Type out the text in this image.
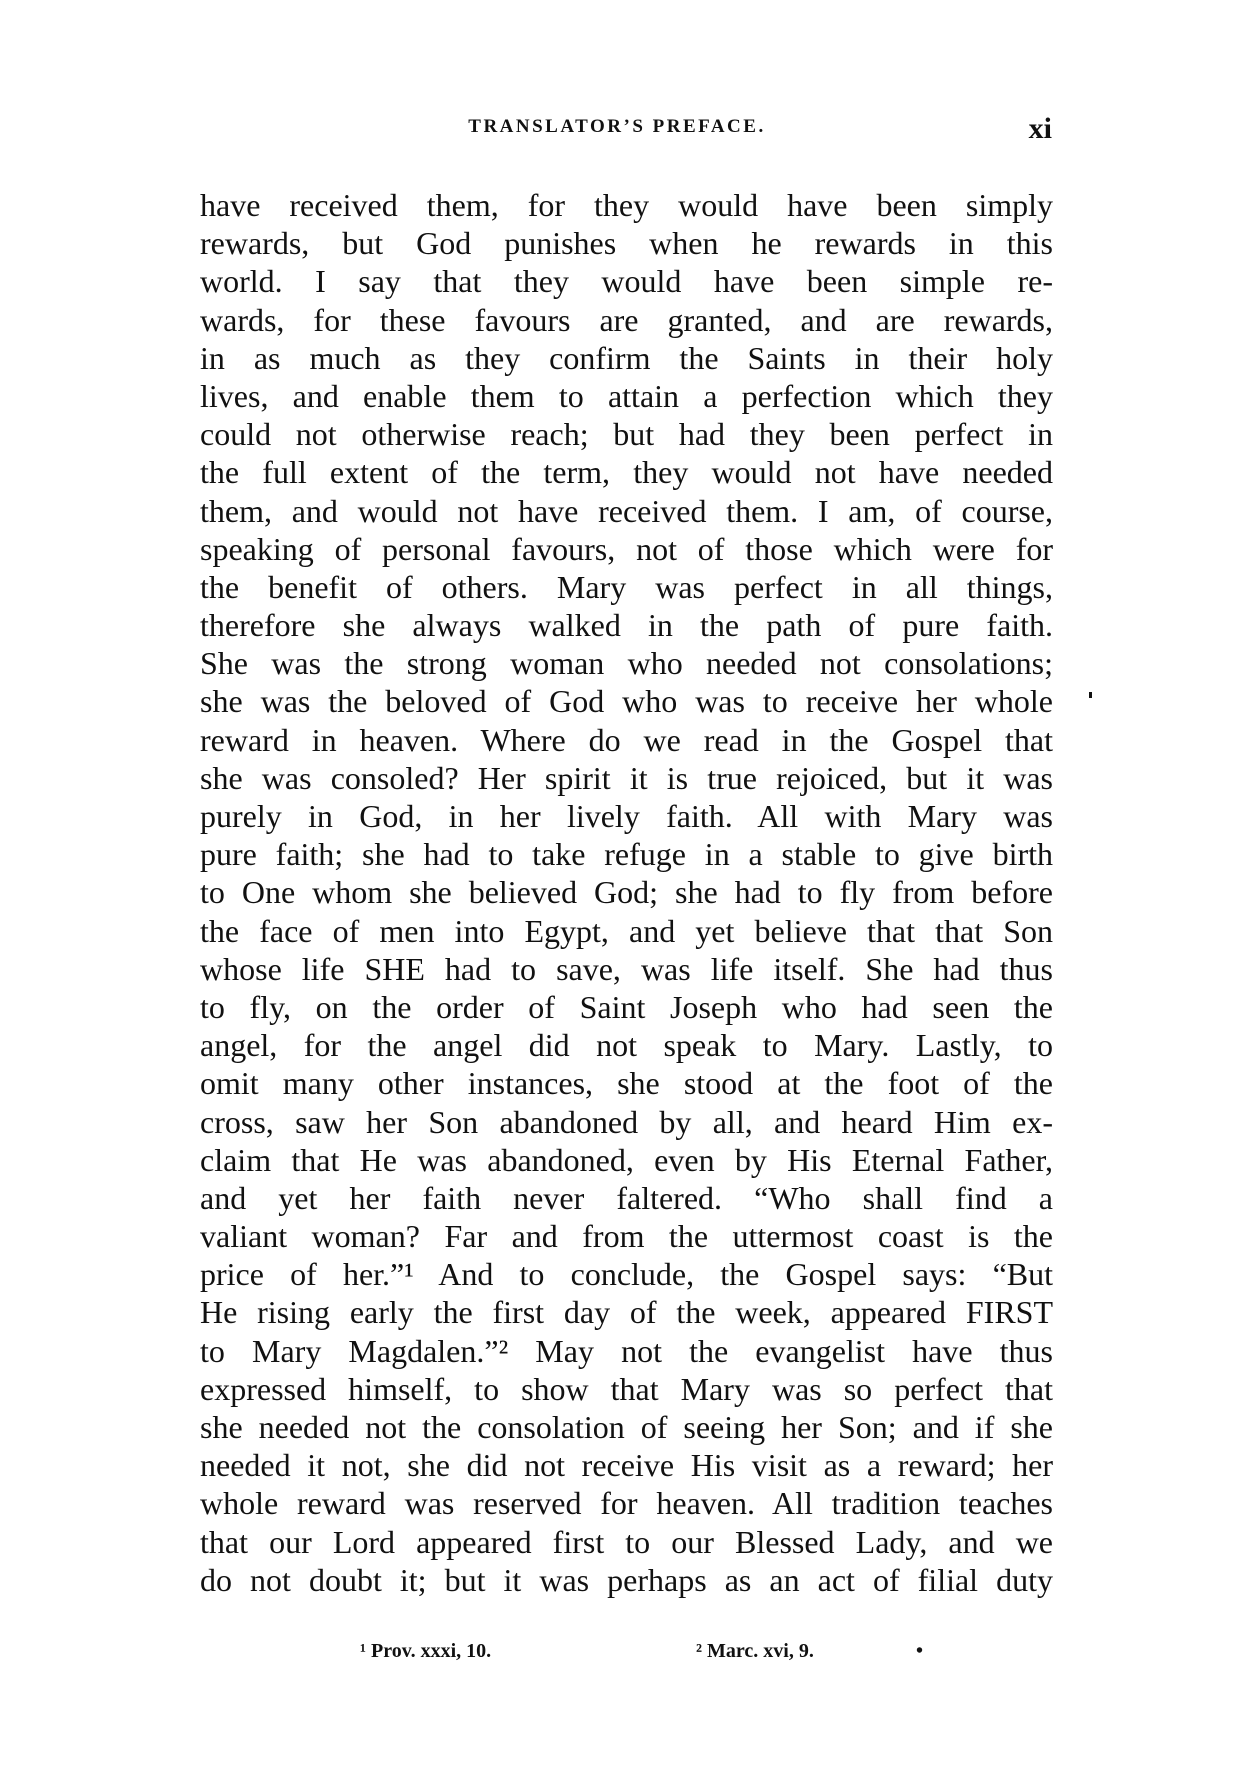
TRANSLATOR’S PREFACE.	xi
have received them, for they would have been simply
rewards, but God punishes when he rewards in this
world. I say that they would have been simple re-
wards, for these favours are granted, and are rewards,
in as much as they confirm the Saints in their holy
lives, and enable them to attain a perfection which they
could not otherwise reach; but had they been perfect in
the full extent of the term, they would not have needed
them, and would not have received them. I am, of course,
speaking of personal favours, not of those which were for
the benefit of others. Mary was perfect in all things,
therefore she always walked in the path of pure faith.
She was the strong woman who needed not consolations;
she was the beloved of God who was to receive her whole
reward in heaven. Where do we read in the Gospel that
she was consoled? Her spirit it is true rejoiced, but it was
purely in God, in her lively faith. All with Mary was
pure faith; she had to take refuge in a stable to give birth
to One whom she believed God; she had to fly from before
the face of men into Egypt, and yet believe that that Son
whose life SHE had to save, was life itself. She had thus
to fly, on the order of Saint Joseph who had seen the
angel, for the angel did not speak to Mary. Lastly, to
omit many other instances, she stood at the foot of the
cross, saw her Son abandoned by all, and heard Him ex-
claim that He was abandoned, even by His Eternal Father,
and yet her faith never faltered. “Who shall find a
valiant woman? Far and from the uttermost coast is the
price of her.”¹ And to conclude, the Gospel says: “But
He rising early the first day of the week, appeared FIRST
to Mary Magdalen.”² May not the evangelist have thus
expressed himself, to show that Mary was so perfect that
she needed not the consolation of seeing her Son; and if she
needed it not, she did not receive His visit as a reward; her
whole reward was reserved for heaven. All tradition teaches
that our Lord appeared first to our Blessed Lady, and we
do not doubt it; but it was perhaps as an act of filial duty
¹ Prov. xxxi, 10.	² Marc. xvi, 9.	•
